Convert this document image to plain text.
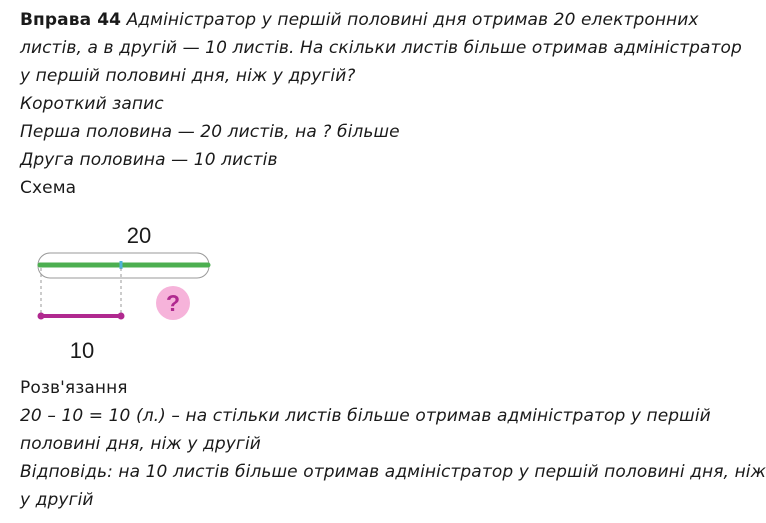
Вправа 44 Адміністратор у першій половині дня отримав 20 електронних
листів, а в другій — 10 листів. На скільки листів більше отримав адміністратор
у першій половині дня, ніж у другій?
Короткий запис
Перша половина — 20 листів, на ? більше
Друга половина — 10 листів
Схема
?
20
10
Розв'язання
20 – 10 = 10 (л.) – на стільки листів більше отримав адміністратор у першій
половині дня, ніж у другій
Відповідь: на 10 листів більше отримав адміністратор у першій половині дня, ніж
у другій
